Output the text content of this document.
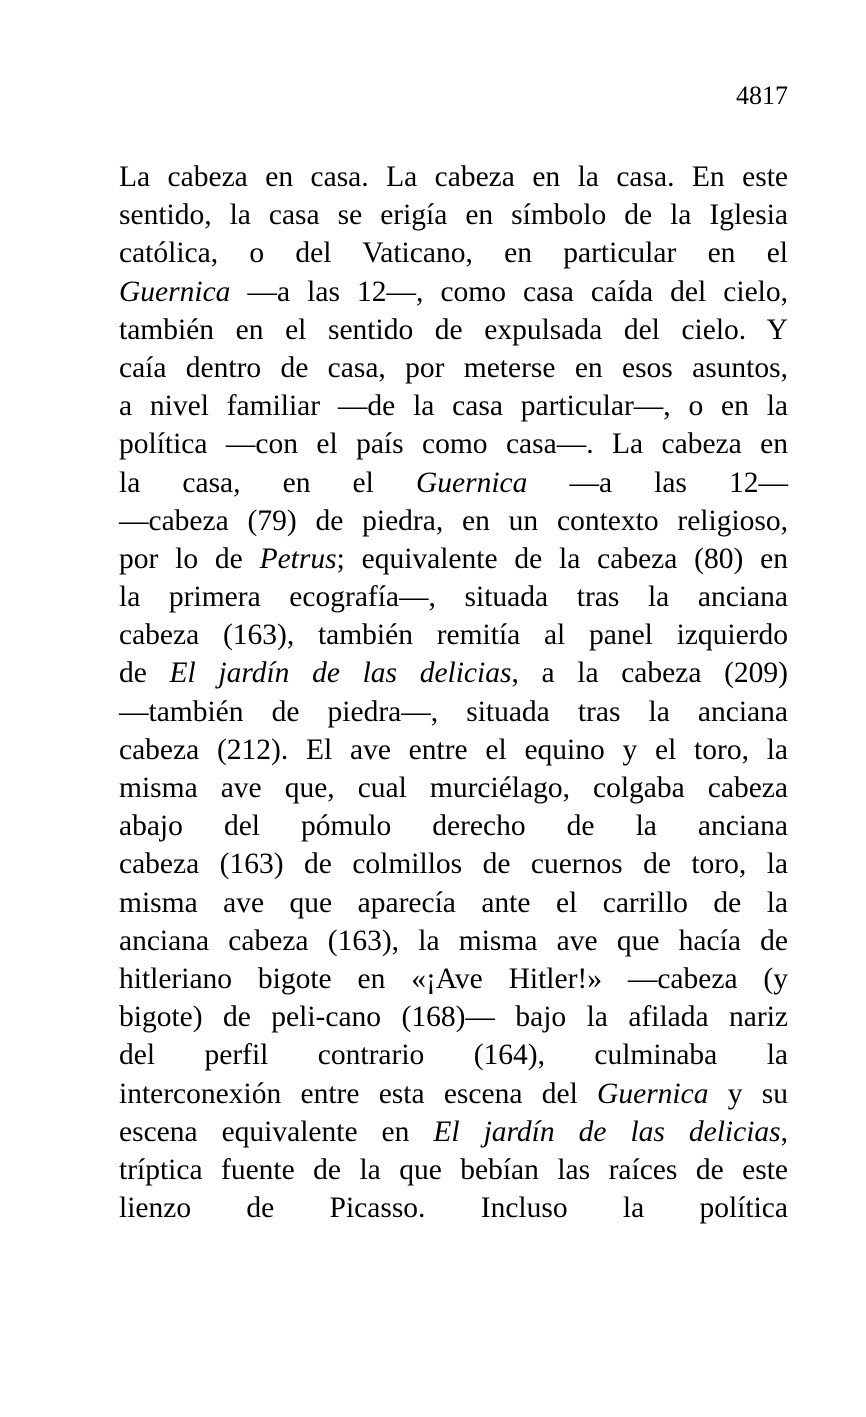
4817
La cabeza en casa. La cabeza en la casa. En este
sentido, la casa se erigía en símbolo de la Iglesia
católica, o del Vaticano, en particular en el
Guernica —a las 12—, como casa caída del cielo,
también en el sentido de expulsada del cielo. Y
caía dentro de casa, por meterse en esos asuntos,
a nivel familiar —de la casa particular—, o en la
política —con el país como casa—. La cabeza en
la casa, en el Guernica —a las 12—
—cabeza (79) de piedra, en un contexto religioso,
por lo de Petrus; equivalente de la cabeza (80) en
la primera ecografía—, situada tras la anciana
cabeza (163), también remitía al panel izquierdo
de El jardín de las delicias, a la cabeza (209)
—también de piedra—, situada tras la anciana
cabeza (212). El ave entre el equino y el toro, la
misma ave que, cual murciélago, colgaba cabeza
abajo del pómulo derecho de la anciana
cabeza (163) de colmillos de cuernos de toro, la
misma ave que aparecía ante el carrillo de la
anciana cabeza (163), la misma ave que hacía de
hitleriano bigote en «¡Ave Hitler!» —cabeza (y
bigote) de peli-cano (168)— bajo la afilada nariz
del perfil contrario (164), culminaba la
interconexión entre esta escena del Guernica y su
escena equivalente en El jardín de las delicias,
tríptica fuente de la que bebían las raíces de este
lienzo de Picasso. Incluso la política
